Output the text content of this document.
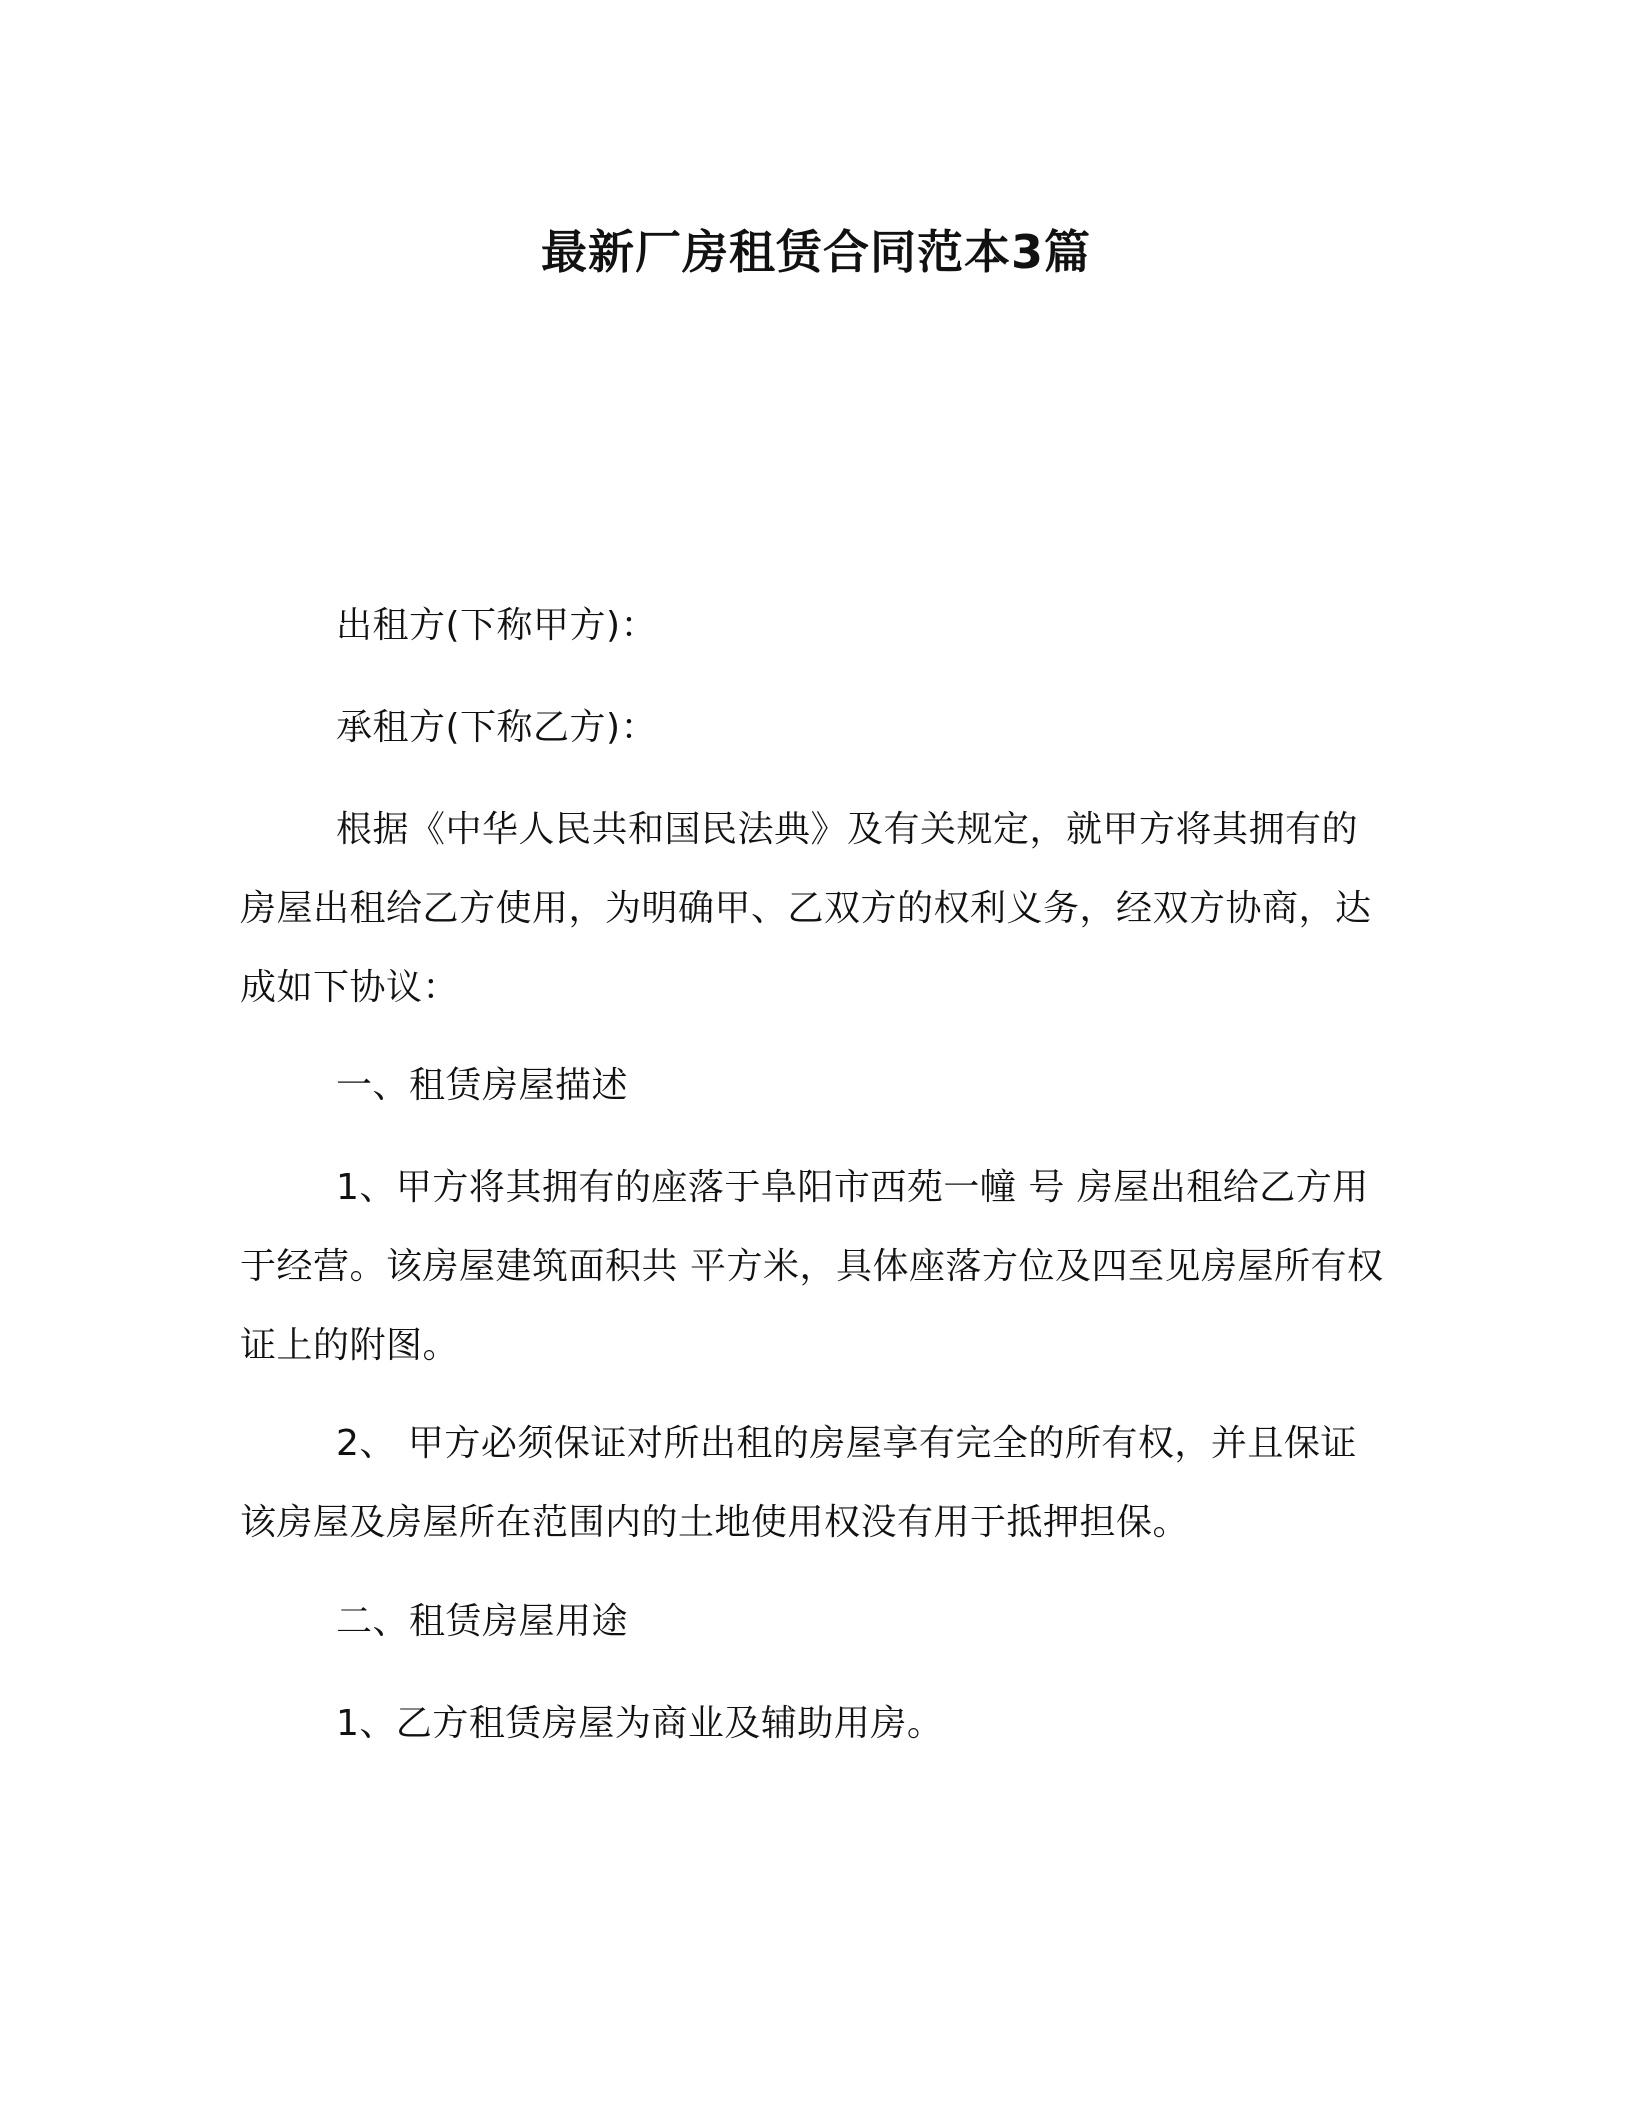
最新厂房租赁合同范本3篇

出租方(下称甲方)：

承租方(下称乙方)：

根据《中华人民共和国民法典》及有关规定，就甲方将其拥有的房屋出租给乙方使用，为明确甲、乙双方的权利义务，经双方协商，达成如下协议：

一、租赁房屋描述

1、甲方将其拥有的座落于阜阳市西苑一幢 号 房屋出租给乙方用于经营。该房屋建筑面积共 平方米，具体座落方位及四至见房屋所有权证上的附图。

2、 甲方必须保证对所出租的房屋享有完全的所有权，并且保证该房屋及房屋所在范围内的土地使用权没有用于抵押担保。

二、租赁房屋用途

1、乙方租赁房屋为商业及辅助用房。
